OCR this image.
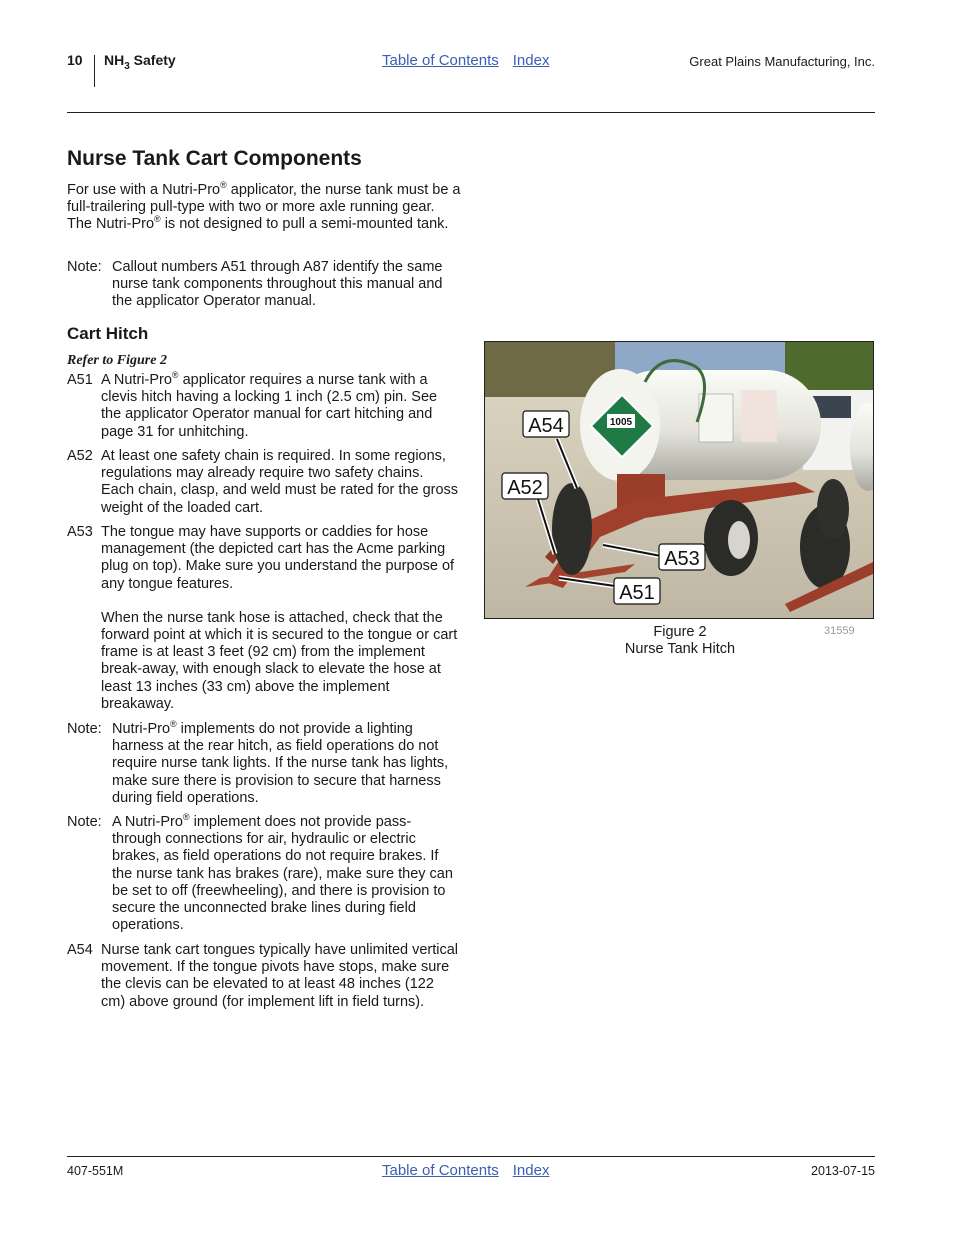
10 $NH_3$ Safety	Table of Contents Index	Great Plains Manufacturing, Inc.
Nurse Tank Cart Components
For use with a Nutri-Pro® applicator, the nurse tank must be a full-trailering pull-type with two or more axle running gear. The Nutri-Pro® is not designed to pull a semi-mounted tank.
Note: Callout numbers A51 through A87 identify the same nurse tank components throughout this manual and the applicator Operator manual.
Cart Hitch
Refer to Figure 2
A51 A Nutri-Pro® applicator requires a nurse tank with a clevis hitch having a locking 1 inch (2.5 cm) pin. See the applicator Operator manual for cart hitching and page 31 for unhitching.
A52 At least one safety chain is required. In some regions, regulations may already require two safety chains. Each chain, clasp, and weld must be rated for the gross weight of the loaded cart.
A53 The tongue may have supports or caddies for hose management (the depicted cart has the Acme parking plug on top). Make sure you understand the purpose of any tongue features.
When the nurse tank hose is attached, check that the forward point at which it is secured to the tongue or cart frame is at least 3 feet (92 cm) from the implement break-away, with enough slack to elevate the hose at least 13 inches (33 cm) above the implement breakaway.
Note: Nutri-Pro® implements do not provide a lighting harness at the rear hitch, as field operations do not require nurse tank lights. If the nurse tank has lights, make sure there is provision to secure that harness during field operations.
Note: A Nutri-Pro® implement does not provide pass-through connections for air, hydraulic or electric brakes, as field operations do not require brakes. If the nurse tank has brakes (rare), make sure they can be set to off (freewheeling), and there is provision to secure the unconnected brake lines during field operations.
A54 Nurse tank cart tongues typically have unlimited vertical movement. If the tongue pivots have stops, make sure the clevis can be elevated to at least 48 inches (122 cm) above ground (for implement lift in field turns).
1005
A54
A52
A53
A51
Figure 2
Nurse Tank Hitch
31559
407-551M	Table of Contents Index	2013-07-15
